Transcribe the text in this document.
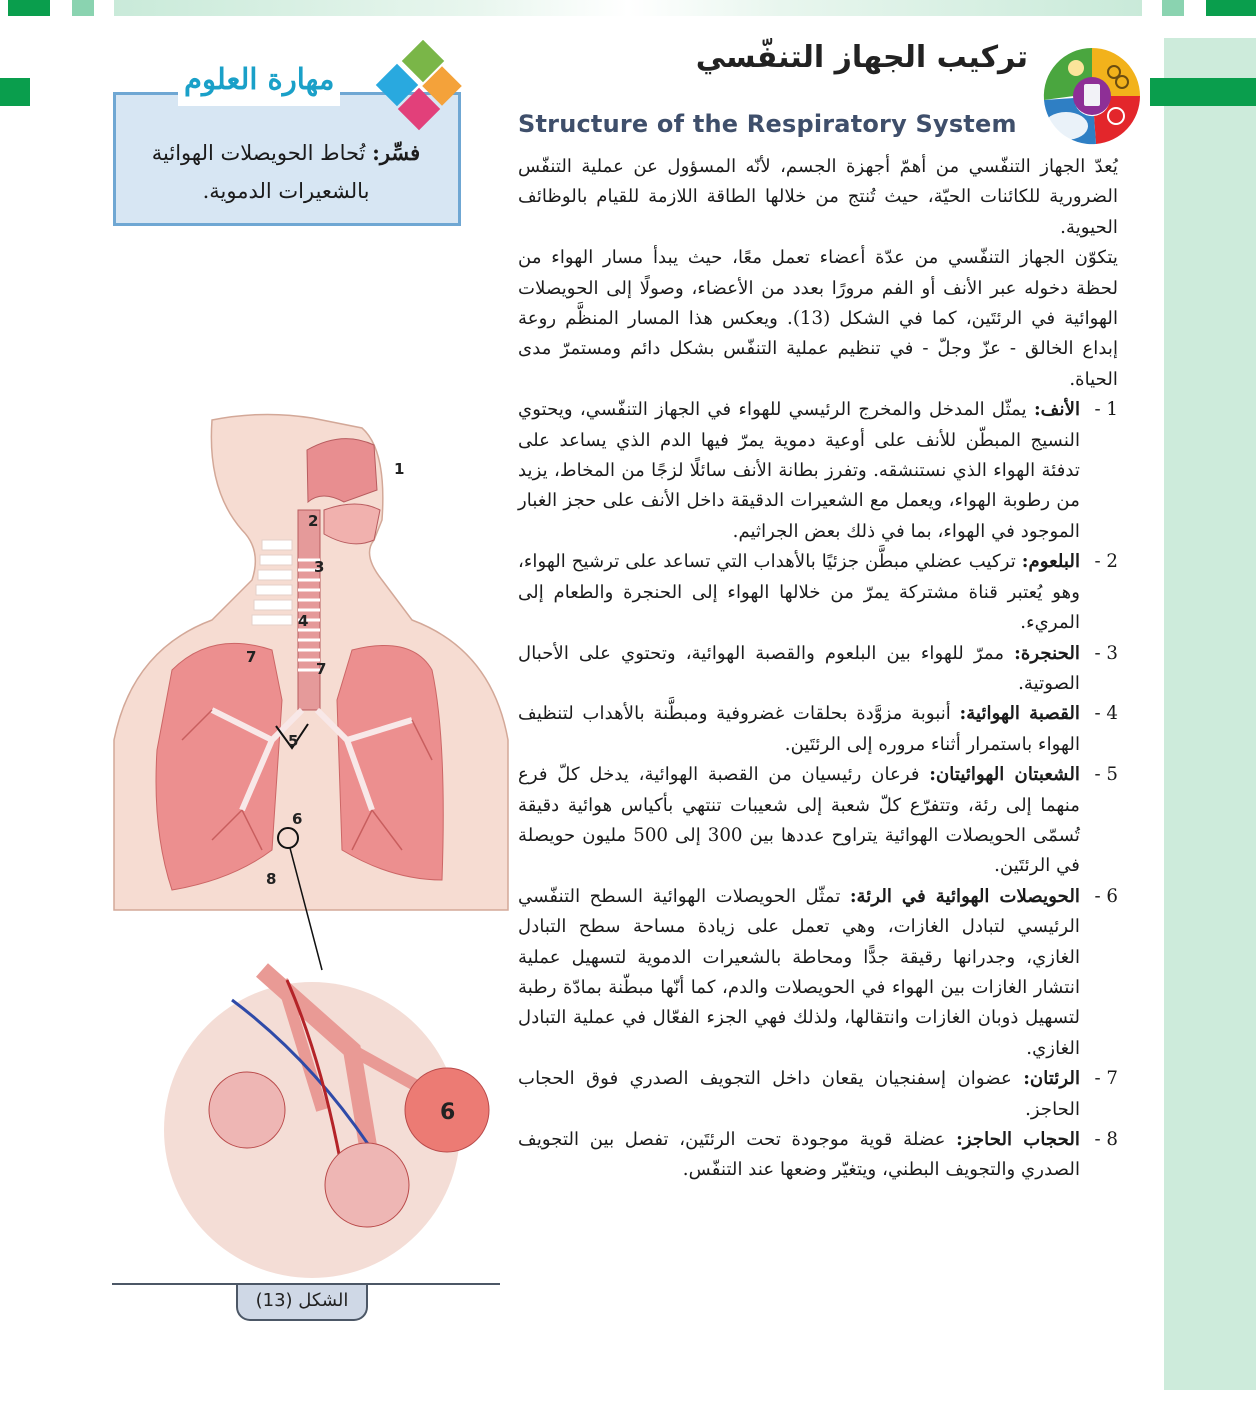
تركيب الجهاز التنفّسي
Structure of the Respiratory System
مهارة العلوم
فسِّر: تُحاط الحويصلات الهوائية بالشعيرات الدموية.

يُعدّ الجهاز التنفّسي من أهمّ أجهزة الجسم، لأنّه المسؤول عن عملية التنفّس الضرورية للكائنات الحيّة، حيث تُنتج من خلالها الطاقة اللازمة للقيام بالوظائف الحيوية.

يتكوّن الجهاز التنفّسي من عدّة أعضاء تعمل معًا، حيث يبدأ مسار الهواء من لحظة دخوله عبر الأنف أو الفم مرورًا بعدد من الأعضاء، وصولًا إلى الحويصلات الهوائية في الرئتَين، كما في الشكل (13). ويعكس هذا المسار المنظَّم روعة إبداع الخالق - عزّ وجلّ - في تنظيم عملية التنفّس بشكل دائم ومستمرّ مدى الحياة.

1 -
الأنف: يمثّل المدخل والمخرج الرئيسي للهواء في الجهاز التنفّسي، ويحتوي النسيج المبطّن للأنف على أوعية دموية يمرّ فيها الدم الذي يساعد على تدفئة الهواء الذي نستنشقه. وتفرز بطانة الأنف سائلًا لزجًا من المخاط، يزيد من رطوبة الهواء، ويعمل مع الشعيرات الدقيقة داخل الأنف على حجز الغبار الموجود في الهواء، بما في ذلك بعض الجراثيم.

2 -
البلعوم: تركيب عضلي مبطَّن جزئيًا بالأهداب التي تساعد على ترشيح الهواء، وهو يُعتبر قناة مشتركة يمرّ من خلالها الهواء إلى الحنجرة والطعام إلى المريء.

3 -
الحنجرة: ممرّ للهواء بين البلعوم والقصبة الهوائية، وتحتوي على الأحبال الصوتية.

4 -
القصبة الهوائية: أنبوبة مزوَّدة بحلقات غضروفية ومبطَّنة بالأهداب لتنظيف الهواء باستمرار أثناء مروره إلى الرئتَين.

5 -
الشعبتان الهوائيتان: فرعان رئيسيان من القصبة الهوائية، يدخل كلّ فرع منهما إلى رئة، وتتفرّع كلّ شعبة إلى شعيبات تنتهي بأكياس هوائية دقيقة تُسمّى الحويصلات الهوائية يتراوح عددها بين 300 إلى 500 مليون حويصلة في الرئتَين.

6 -
الحويصلات الهوائية في الرئة: تمثّل الحويصلات الهوائية السطح التنفّسي الرئيسي لتبادل الغازات، وهي تعمل على زيادة مساحة سطح التبادل الغازي، وجدرانها رقيقة جدًّا ومحاطة بالشعيرات الدموية لتسهيل عملية انتشار الغازات بين الهواء في الحويصلات والدم، كما أنّها مبطّنة بمادّة رطبة لتسهيل ذوبان الغازات وانتقالها، ولذلك فهي الجزء الفعّال في عملية التبادل الغازي.

7 -
الرئتان: عضوان إسفنجيان يقعان داخل التجويف الصدري فوق الحجاب الحاجز.

8 -
الحجاب الحاجز: عضلة قوية موجودة تحت الرئتَين، تفصل بين التجويف الصدري والتجويف البطني، ويتغيّر وضعها عند التنفّس.

1
2
3
4
5
6
7
7
8
6
الشكل (13)
